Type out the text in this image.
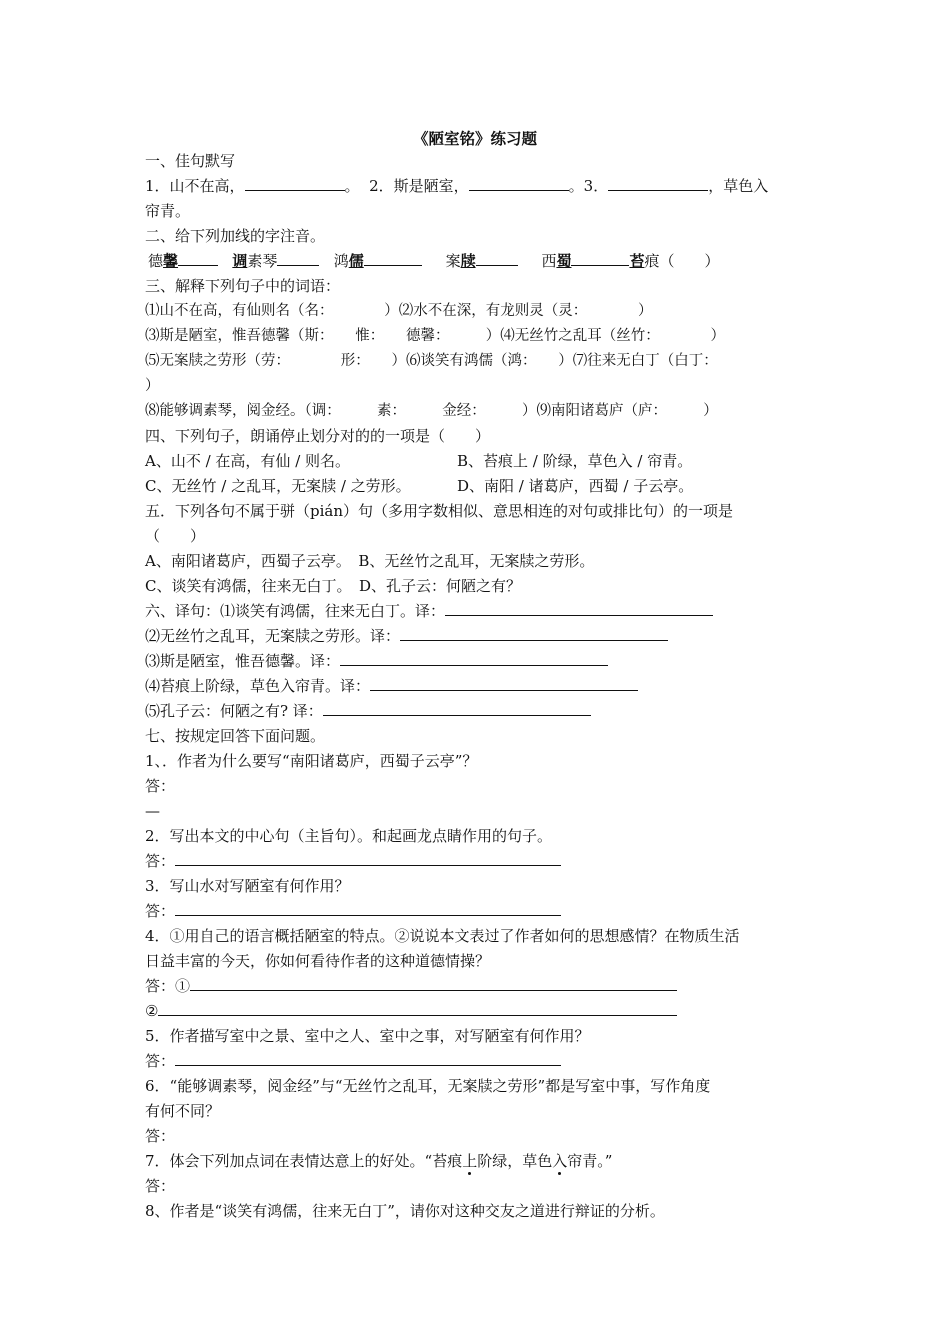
《陋室铭》练习题
一、佳句默写
1．山不在高，	。 2．斯是陋室，	。3．	，草色入
帘青。
二、给下列加线的字注音。
德馨	调素琴	鸿儒	案牍	西蜀	苔痕（　　）
三、解释下列句子中的词语：
⑴山不在高，有仙则名（名：　　　　）⑵水不在深，有龙则灵（灵：　　　　）
⑶斯是陋室，惟吾德馨（斯：　　惟：　　德馨：　　　）⑷无丝竹之乱耳（丝竹：　　　　）
⑸无案牍之劳形（劳：　　　　形：　　）⑹谈笑有鸿儒（鸿：　　）⑺往来无白丁（白丁：
）
⑻能够调素琴，阅金经。（调：　　　素：　　　金经：　　　）⑼南阳诸葛庐（庐：　　　）
四、下列句子，朗诵停止划分对的的一项是（　　）
A、山不 / 在高，有仙 / 则名。	B、苔痕上 / 阶绿，草色入 / 帘青。
C、无丝竹 / 之乱耳，无案牍 / 之劳形。	D、南阳 / 诸葛庐，西蜀 / 子云亭。
五．下列各句不属于骈（pián）句（多用字数相似、意思相连的对句或排比句）的一项是
（　　）
A、南阳诸葛庐，西蜀子云亭。　B、无丝竹之乱耳，无案牍之劳形。
C、谈笑有鸿儒，往来无白丁。　D、孔子云：何陋之有？
六、译句：⑴谈笑有鸿儒，往来无白丁。译：
⑵无丝竹之乱耳，无案牍之劳形。译：
⑶斯是陋室，惟吾德馨。译：
⑷苔痕上阶绿，草色入帘青。译：
⑸孔子云：何陋之有? 译：
七、按规定回答下面问题。
1、．作者为什么要写“南阳诸葛庐，西蜀子云亭”？
答：
—
2．写出本文的中心句（主旨句）。和起画龙点睛作用的句子。
答：
3．写山水对写陋室有何作用？
答：
4．①用自己的语言概括陋室的特点。②说说本文表过了作者如何的思想感情？在物质生活
日益丰富的今天，你如何看待作者的这种道德情操？
答：①
②
5．作者描写室中之景、室中之人、室中之事，对写陋室有何作用？
答：
6．“能够调素琴，阅金经”与“无丝竹之乱耳，无案牍之劳形”都是写室中事，写作角度
有何不同？
答：
7．体会下列加点词在表情达意上的好处。“苔痕上阶绿，草色入帘青。”
答：
8、作者是“谈笑有鸿儒，往来无白丁”，请你对这种交友之道进行辩证的分析。
